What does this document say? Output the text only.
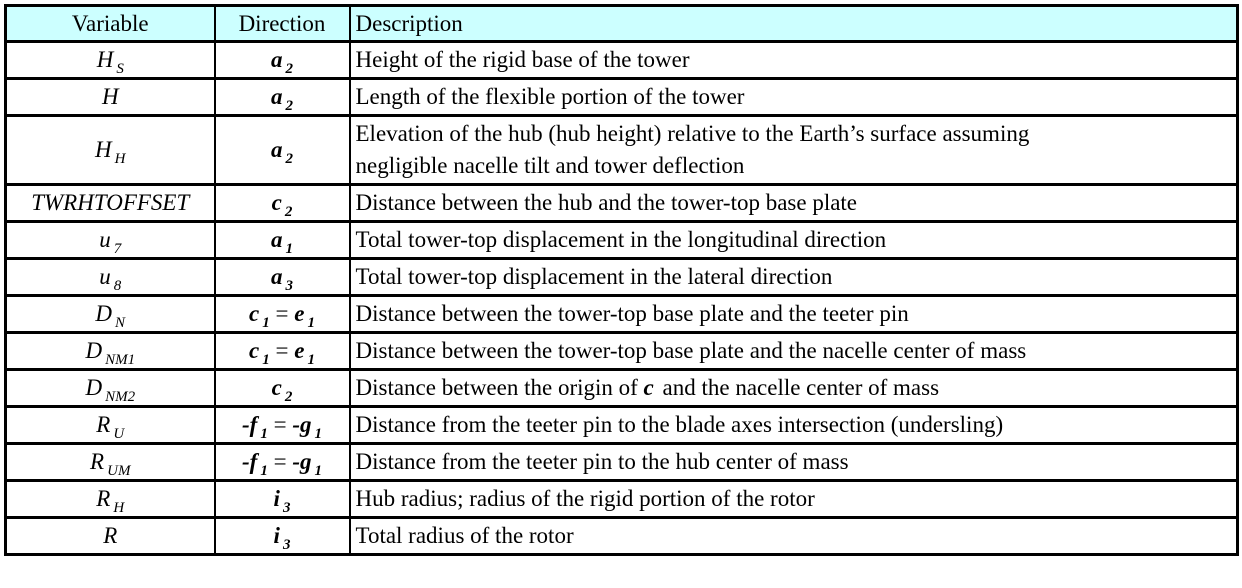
Variable	Direction	Description
H $_S$	a $_2$	Height of the rigid base of the tower
H	a $_2$	Length of the flexible portion of the tower
H $_H$	a $_2$	Elevation of the hub (hub height) relative to the Earth’s surface assuming
negligible nacelle tilt and tower deflection
TWRHTOFFSET	c $_2$	Distance between the hub and the tower-top base plate
u $_7$	a $_1$	Total tower-top displacement in the longitudinal direction
u $_8$	a $_3$	Total tower-top displacement in the lateral direction
D $_N$	c $_1$ = e $_1$	Distance between the tower-top base plate and the teeter pin
D $_{NM1}$	c $_1$ = e $_1$	Distance between the tower-top base plate and the nacelle center of mass
D $_{NM2}$	c $_2$	Distance between the origin of c and the nacelle center of mass
R $_U$	-f $_1$ = -g $_1$	Distance from the teeter pin to the blade axes intersection (undersling)
R $_{UM}$	-f $_1$ = -g $_1$	Distance from the teeter pin to the hub center of mass
R $_H$	i $_3$	Hub radius; radius of the rigid portion of the rotor
R	i $_3$	Total radius of the rotor
